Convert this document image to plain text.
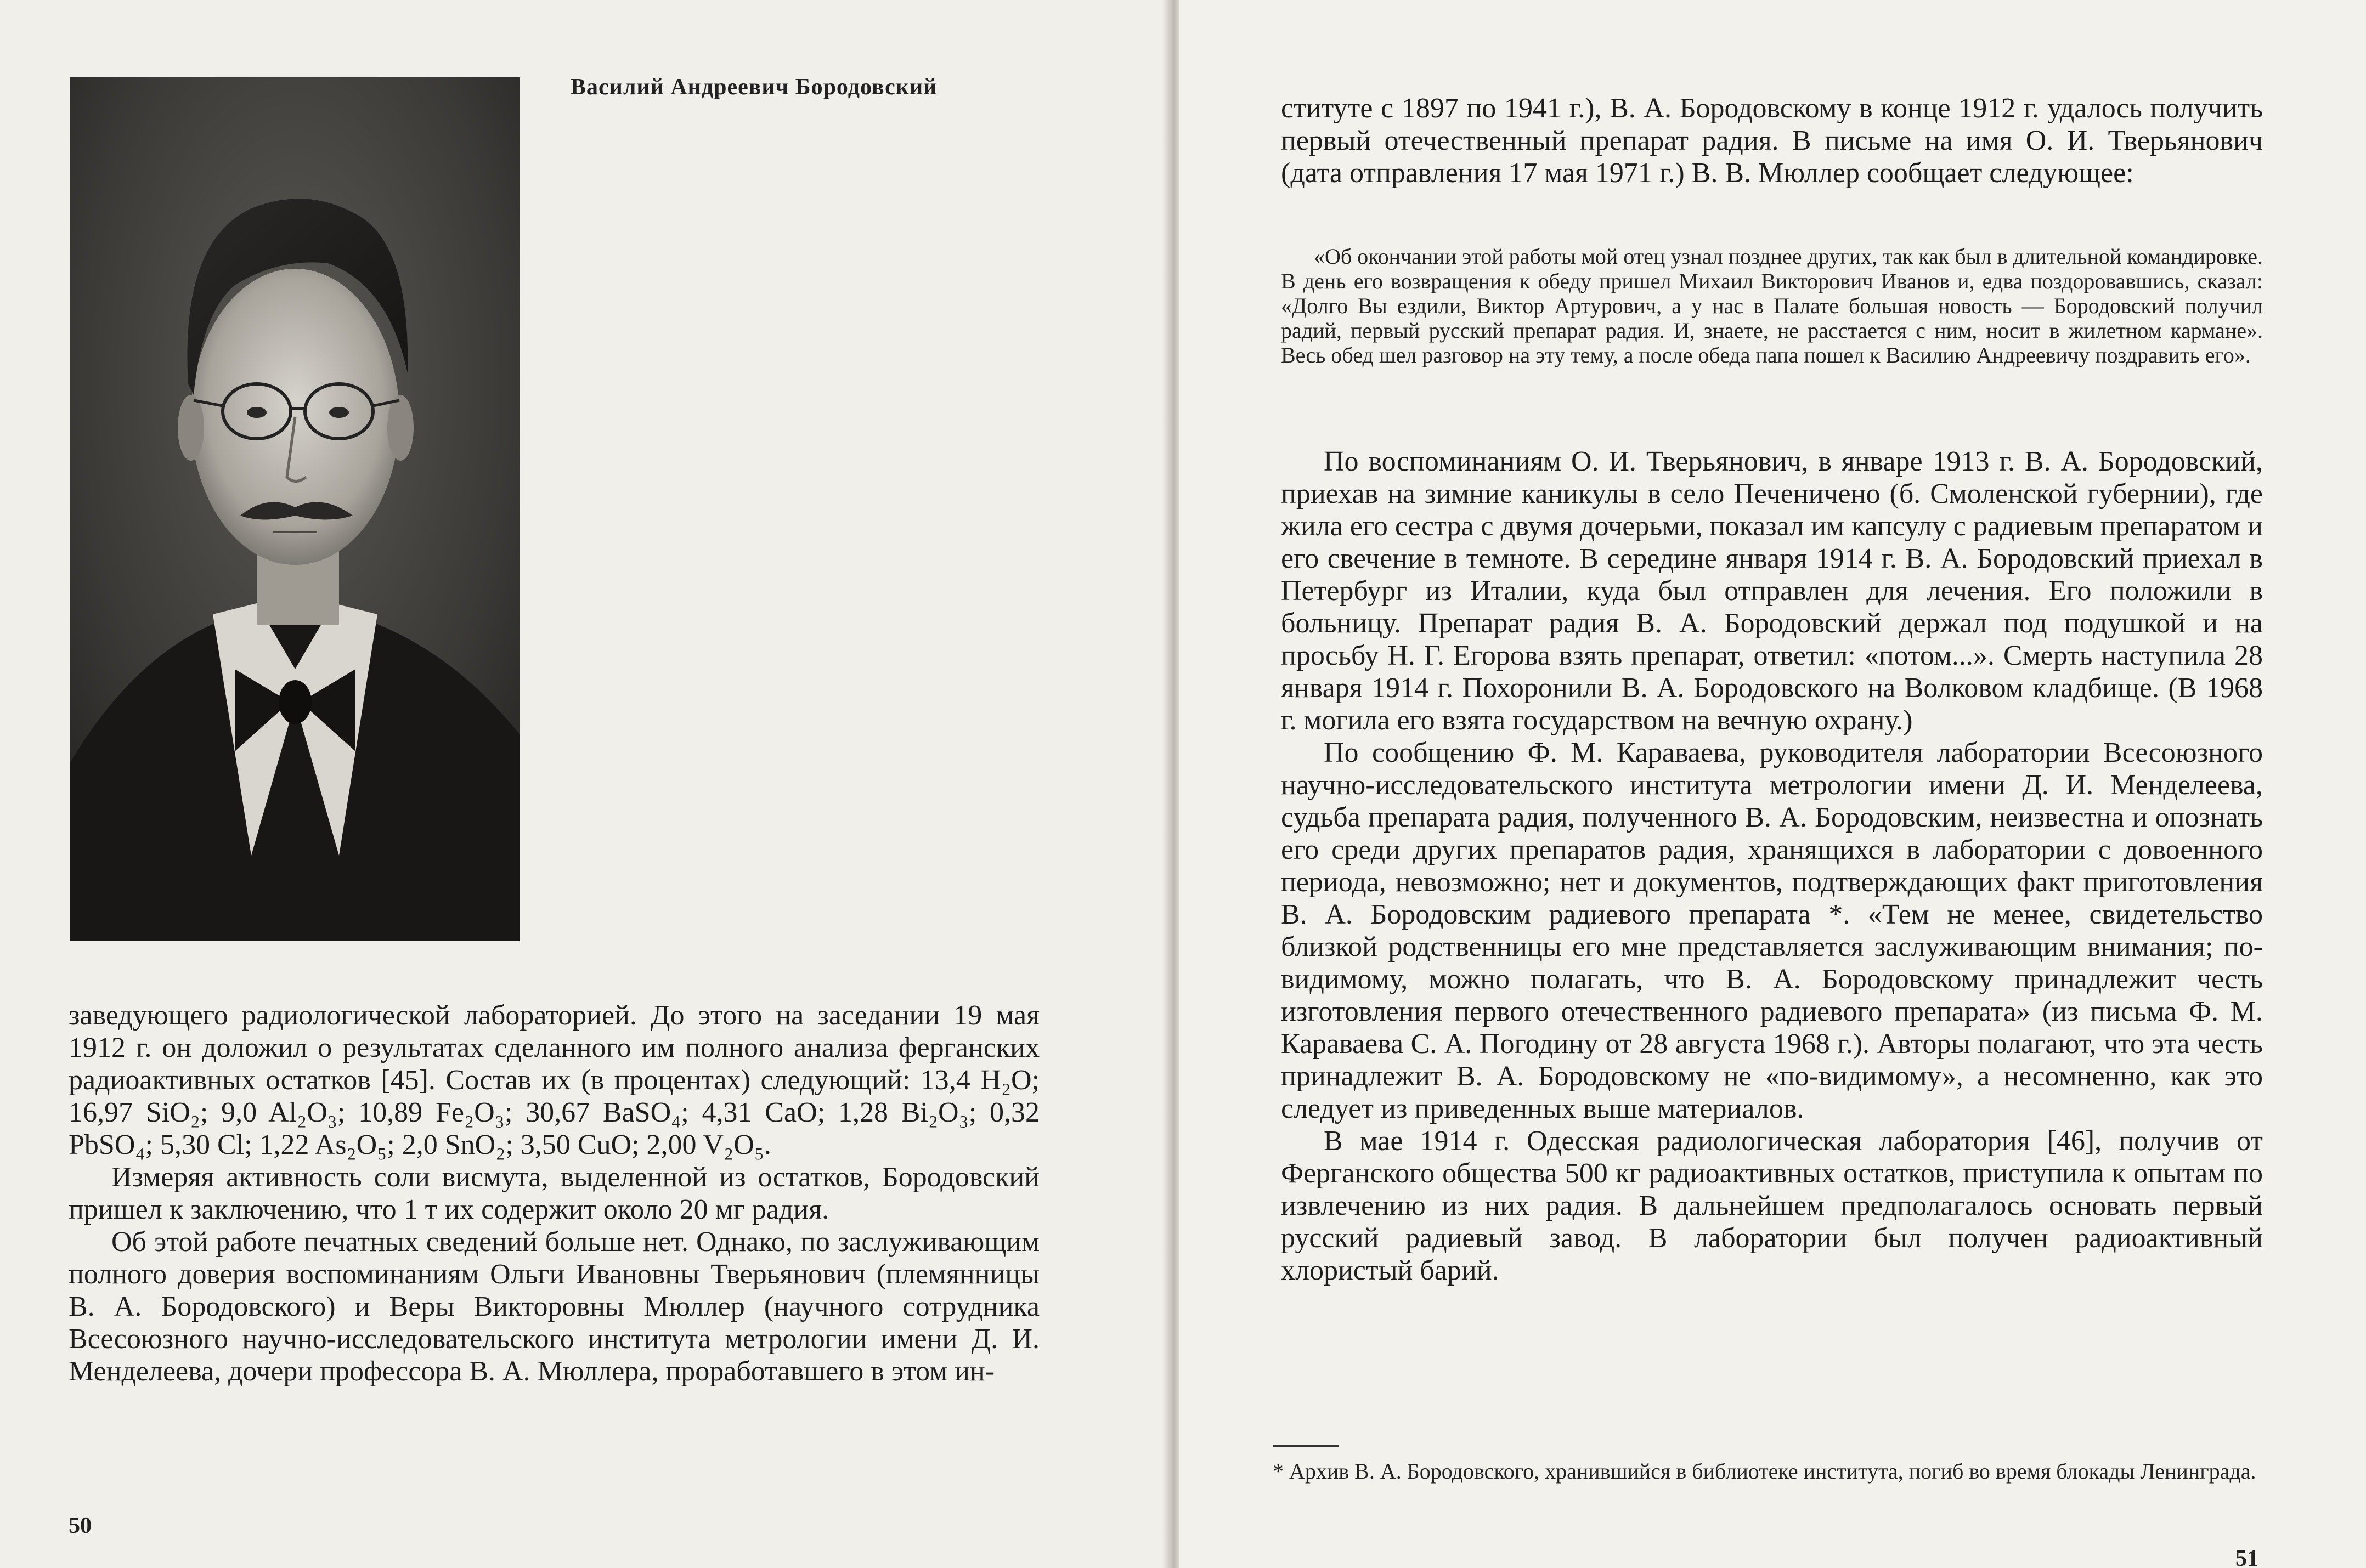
Василий Андреевич Бородовский

заведующего радиологической лабораторией. До этого на заседании 19 мая 1912 г. он доложил о результатах сделанного им полного анализа ферганских радиоактивных остатков [45]. Состав их (в процентах) следующий: 13,4 H₂O; 16,97 SiO₂; 9,0 Al₂O₃; 10,89 Fe₂O₃; 30,67 BaSO₄; 4,31 CaO; 1,28 Bi₂O₃; 0,32 PbSO₄; 5,30 Cl; 1,22 As₂O₅; 2,0 SnO₂; 3,50 CuO; 2,00 V₂O₅.

Измеряя активность соли висмута, выделенной из остатков, Бородовский пришел к заключению, что 1 т их содержит около 20 мг радия.

Об этой работе печатных сведений больше нет. Однако, по заслуживающим полного доверия воспоминаниям Ольги Ивановны Тверьянович (племянницы В. А. Бородовского) и Веры Викторовны Мюллер (научного сотрудника Всесоюзного научно-исследовательского института метрологии имени Д. И. Менделеева, дочери профессора В. А. Мюллера, проработавшего в этом ин-

50

ституте с 1897 по 1941 г.), В. А. Бородовскому в конце 1912 г. удалось получить первый отечественный препарат радия. В письме на имя О. И. Тверьянович (дата отправления 17 мая 1971 г.) В. В. Мюллер сообщает следующее:

«Об окончании этой работы мой отец узнал позднее других, так как был в длительной командировке. В день его возвращения к обеду пришел Михаил Викторович Иванов и, едва поздоровавшись, сказал: «Долго Вы ездили, Виктор Артурович, а у нас в Палате большая новость — Бородовский получил радий, первый русский препарат радия. И, знаете, не расстается с ним, носит в жилетном кармане». Весь обед шел разговор на эту тему, а после обеда папа пошел к Василию Андреевичу поздравить его».

По воспоминаниям О. И. Тверьянович, в январе 1913 г. В. А. Бородовский, приехав на зимние каникулы в село Печеничено (б. Смоленской губернии), где жила его сестра с двумя дочерьми, показал им капсулу с радиевым препаратом и его свечение в темноте. В середине января 1914 г. В. А. Бородовский приехал в Петербург из Италии, куда был отправлен для лечения. Его положили в больницу. Препарат радия В. А. Бородовский держал под подушкой и на просьбу Н. Г. Егорова взять препарат, ответил: «потом...». Смерть наступила 28 января 1914 г. Похоронили В. А. Бородовского на Волковом кладбище. (В 1968 г. могила его взята государством на вечную охрану.)

По сообщению Ф. М. Караваева, руководителя лаборатории Всесоюзного научно-исследовательского института метрологии имени Д. И. Менделеева, судьба препарата радия, полученного В. А. Бородовским, неизвестна и опознать его среди других препаратов радия, хранящихся в лаборатории с довоенного периода, невозможно; нет и документов, подтверждающих факт приготовления В. А. Бородовским радиевого препарата *. «Тем не менее, свидетельство близкой родственницы его мне представляется заслуживающим внимания; по-видимому, можно полагать, что В. А. Бородовскому принадлежит честь изготовления первого отечественного радиевого препарата» (из письма Ф. М. Караваева С. А. Погодину от 28 августа 1968 г.). Авторы полагают, что эта честь принадлежит В. А. Бородовскому не «по-видимому», а несомненно, как это следует из приведенных выше материалов.

В мае 1914 г. Одесская радиологическая лаборатория [46], получив от Ферганского общества 500 кг радиоактивных остатков, приступила к опытам по извлечению из них радия. В дальнейшем предполагалось основать первый русский радиевый завод. В лаборатории был получен радиоактивный хлористый барий.

* Архив В. А. Бородовского, хранившийся в библиотеке института, погиб во время блокады Ленинграда.

51
